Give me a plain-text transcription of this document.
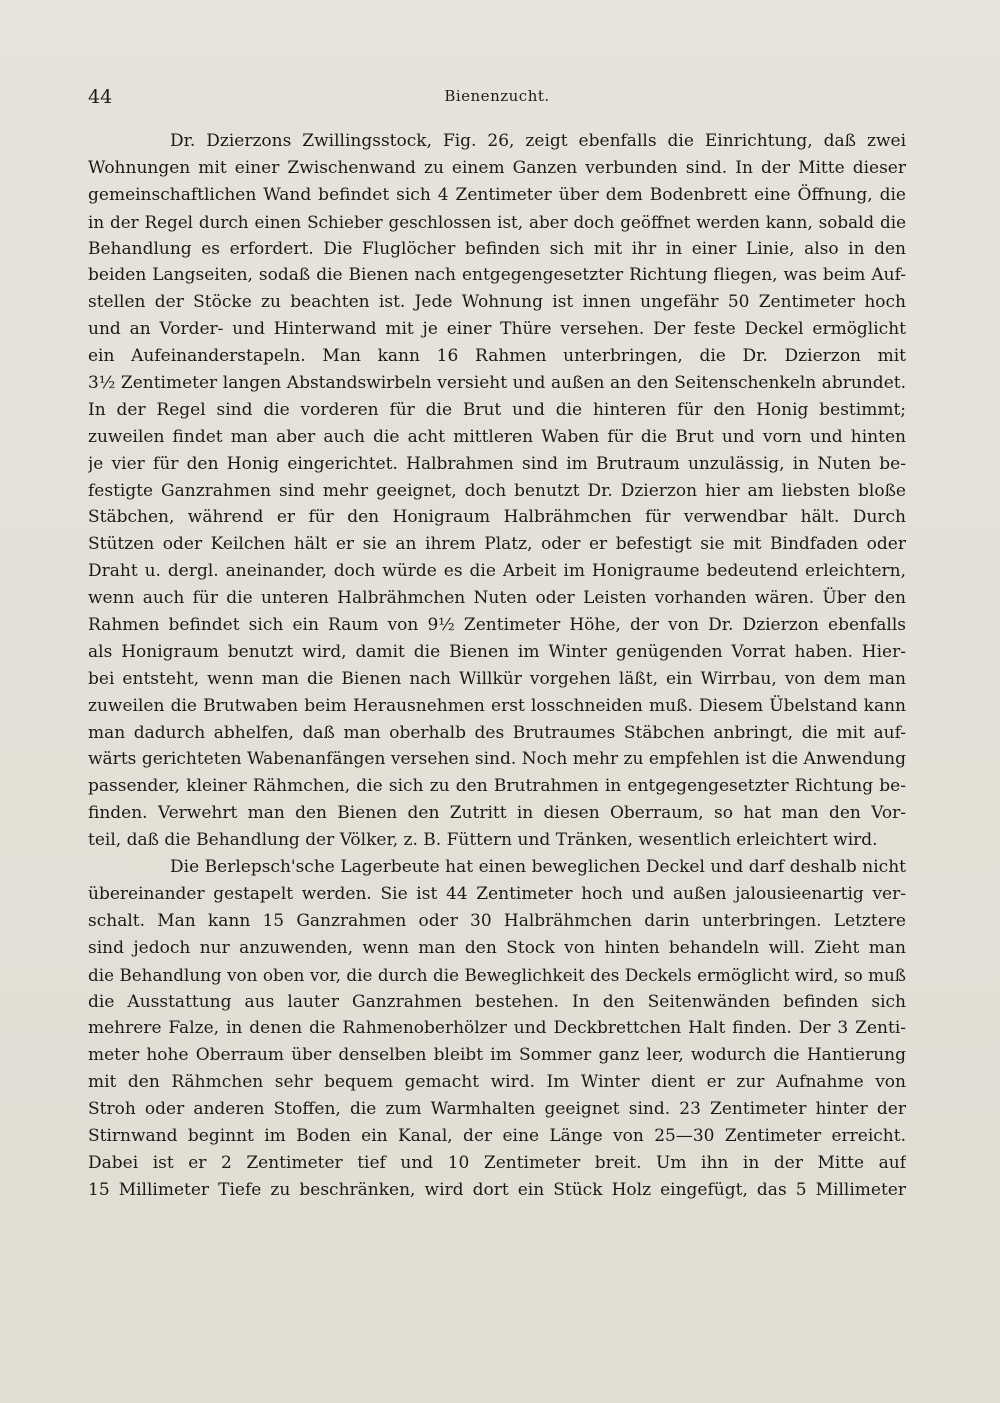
44	Bienenzucht.
Dr. Dzierzons Zwillingsstock, Fig. 26, zeigt ebenfalls die Einrichtung, daß zwei
Wohnungen mit einer Zwischenwand zu einem Ganzen verbunden sind. In der Mitte dieser
gemeinschaftlichen Wand befindet sich 4 Zentimeter über dem Bodenbrett eine Öffnung, die
in der Regel durch einen Schieber geschlossen ist, aber doch geöffnet werden kann, sobald die
Behandlung es erfordert. Die Fluglöcher befinden sich mit ihr in einer Linie, also in den
beiden Langseiten, sodaß die Bienen nach entgegengesetzter Richtung fliegen, was beim Auf-
stellen der Stöcke zu beachten ist. Jede Wohnung ist innen ungefähr 50 Zentimeter hoch
und an Vorder- und Hinterwand mit je einer Thüre versehen. Der feste Deckel ermöglicht
ein Aufeinanderstapeln. Man kann 16 Rahmen unterbringen, die Dr. Dzierzon mit
3½ Zentimeter langen Abstandswirbeln versieht und außen an den Seitenschenkeln abrundet.
In der Regel sind die vorderen für die Brut und die hinteren für den Honig bestimmt;
zuweilen findet man aber auch die acht mittleren Waben für die Brut und vorn und hinten
je vier für den Honig eingerichtet. Halbrahmen sind im Brutraum unzulässig, in Nuten be-
festigte Ganzrahmen sind mehr geeignet, doch benutzt Dr. Dzierzon hier am liebsten bloße
Stäbchen, während er für den Honigraum Halbrähmchen für verwendbar hält. Durch
Stützen oder Keilchen hält er sie an ihrem Platz, oder er befestigt sie mit Bindfaden oder
Draht u. dergl. aneinander, doch würde es die Arbeit im Honigraume bedeutend erleichtern,
wenn auch für die unteren Halbrähmchen Nuten oder Leisten vorhanden wären. Über den
Rahmen befindet sich ein Raum von 9½ Zentimeter Höhe, der von Dr. Dzierzon ebenfalls
als Honigraum benutzt wird, damit die Bienen im Winter genügenden Vorrat haben. Hier-
bei entsteht, wenn man die Bienen nach Willkür vorgehen läßt, ein Wirrbau, von dem man
zuweilen die Brutwaben beim Herausnehmen erst losschneiden muß. Diesem Übelstand kann
man dadurch abhelfen, daß man oberhalb des Brutraumes Stäbchen anbringt, die mit auf-
wärts gerichteten Wabenanfängen versehen sind. Noch mehr zu empfehlen ist die Anwendung
passender, kleiner Rähmchen, die sich zu den Brutrahmen in entgegengesetzter Richtung be-
finden. Verwehrt man den Bienen den Zutritt in diesen Oberraum, so hat man den Vor-
teil, daß die Behandlung der Völker, z. B. Füttern und Tränken, wesentlich erleichtert wird.
Die Berlepsch'sche Lagerbeute hat einen beweglichen Deckel und darf deshalb nicht
übereinander gestapelt werden. Sie ist 44 Zentimeter hoch und außen jalousieenartig ver-
schalt. Man kann 15 Ganzrahmen oder 30 Halbrähmchen darin unterbringen. Letztere
sind jedoch nur anzuwenden, wenn man den Stock von hinten behandeln will. Zieht man
die Behandlung von oben vor, die durch die Beweglichkeit des Deckels ermöglicht wird, so muß
die Ausstattung aus lauter Ganzrahmen bestehen. In den Seitenwänden befinden sich
mehrere Falze, in denen die Rahmenoberhölzer und Deckbrettchen Halt finden. Der 3 Zenti-
meter hohe Oberraum über denselben bleibt im Sommer ganz leer, wodurch die Hantierung
mit den Rähmchen sehr bequem gemacht wird. Im Winter dient er zur Aufnahme von
Stroh oder anderen Stoffen, die zum Warmhalten geeignet sind. 23 Zentimeter hinter der
Stirnwand beginnt im Boden ein Kanal, der eine Länge von 25—30 Zentimeter erreicht.
Dabei ist er 2 Zentimeter tief und 10 Zentimeter breit. Um ihn in der Mitte auf
15 Millimeter Tiefe zu beschränken, wird dort ein Stück Holz eingefügt, das 5 Millimeter
